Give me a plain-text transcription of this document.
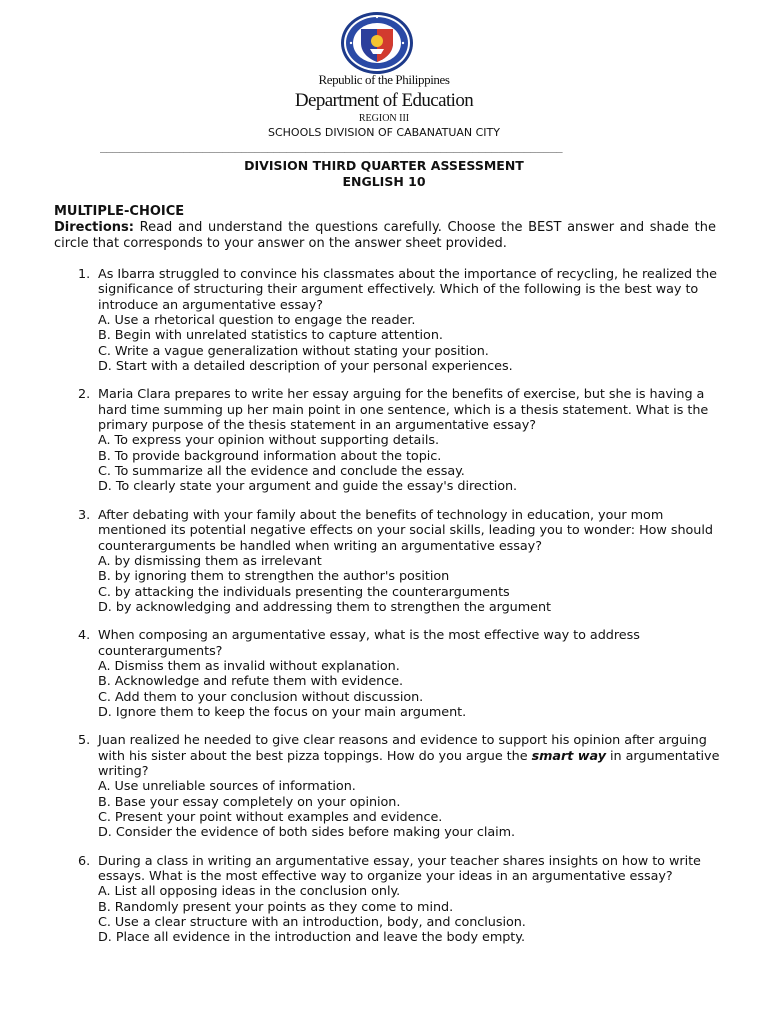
Republic of the Philippines
Department of Education
REGION III
SCHOOLS DIVISION OF CABANATUAN CITY
________________________________________________________________________
DIVISION THIRD QUARTER ASSESSMENT
ENGLISH 10
MULTIPLE-CHOICE
Directions: Read and understand the questions carefully. Choose the BEST answer and shade the circle that corresponds to your answer on the answer sheet provided.
1. As Ibarra struggled to convince his classmates about the importance of recycling, he realized the significance of structuring their argument effectively. Which of the following is the best way to introduce an argumentative essay?
A. Use a rhetorical question to engage the reader.
B. Begin with unrelated statistics to capture attention.
C. Write a vague generalization without stating your position.
D. Start with a detailed description of your personal experiences.
2. Maria Clara prepares to write her essay arguing for the benefits of exercise, but she is having a hard time summing up her main point in one sentence, which is a thesis statement. What is the primary purpose of the thesis statement in an argumentative essay?
A. To express your opinion without supporting details.
B. To provide background information about the topic.
C. To summarize all the evidence and conclude the essay.
D. To clearly state your argument and guide the essay's direction.
3. After debating with your family about the benefits of technology in education, your mom mentioned its potential negative effects on your social skills, leading you to wonder: How should counterarguments be handled when writing an argumentative essay?
A. by dismissing them as irrelevant
B. by ignoring them to strengthen the author's position
C. by attacking the individuals presenting the counterarguments
D. by acknowledging and addressing them to strengthen the argument
4. When composing an argumentative essay, what is the most effective way to address counterarguments?
A. Dismiss them as invalid without explanation.
B. Acknowledge and refute them with evidence.
C. Add them to your conclusion without discussion.
D. Ignore them to keep the focus on your main argument.
5. Juan realized he needed to give clear reasons and evidence to support his opinion after arguing with his sister about the best pizza toppings. How do you argue the smart way in argumentative writing?
A. Use unreliable sources of information.
B. Base your essay completely on your opinion.
C. Present your point without examples and evidence.
D. Consider the evidence of both sides before making your claim.
6. During a class in writing an argumentative essay, your teacher shares insights on how to write essays. What is the most effective way to organize your ideas in an argumentative essay?
A. List all opposing ideas in the conclusion only.
B. Randomly present your points as they come to mind.
C. Use a clear structure with an introduction, body, and conclusion.
D. Place all evidence in the introduction and leave the body empty.
